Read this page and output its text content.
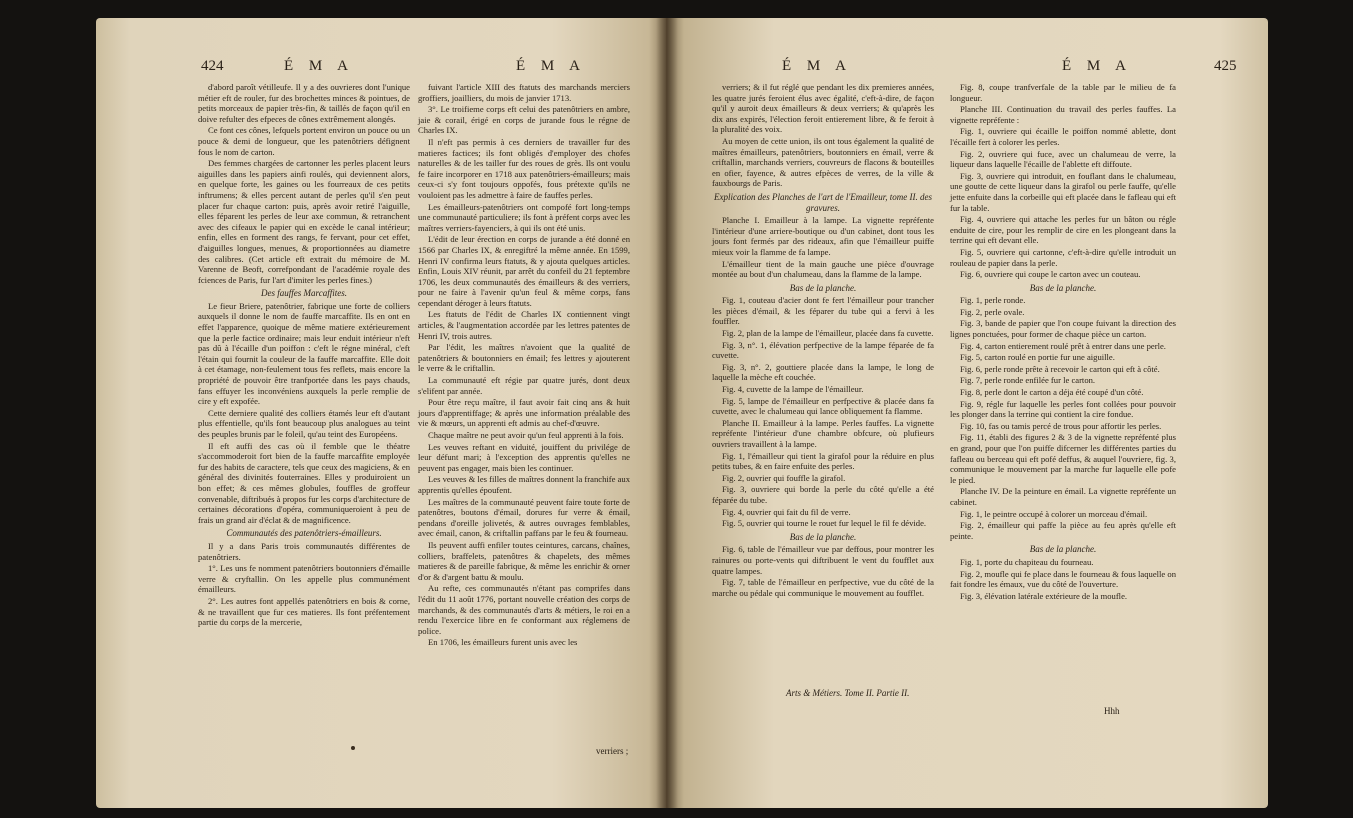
424	É M A	É M A

d'abord paroît vétilleufe. Il y a des ouvrieres dont l'unique métier eft de rouler, fur des brochettes minces & pointues, de petits morceaux de papier très-fin, & taillés de façon qu'il en doive refulter des efpeces de cônes extrêmement alongés.

Ce font ces cônes, lefquels portent environ un pouce ou un pouce & demi de longueur, que les patenôtriers défignent fous le nom de carton.

Des femmes chargées de cartonner les perles placent leurs aiguilles dans les papiers ainfi roulés, qui deviennent alors, en quelque forte, les gaines ou les fourreaux de ces petits inftrumens; & elles percent autant de perles qu'il s'en peut placer fur chaque carton: puis, après avoir retiré l'aiguille, elles féparent les perles de leur axe commun, & retranchent avec des cifeaux le papier qui en excède le canal intérieur; enfin, elles en forment des rangs, fe fervant, pour cet effet, d'aiguilles longues, menues, & proportionnées au diametre des calibres. (Cet article eft extrait du mémoire de M. Varenne de Beoft, correfpondant de l'académie royale des fciences de Paris, fur l'art d'imiter les perles fines.)

Des fauffes Marcaffites.

Le fieur Briere, patenôtrier, fabrique une forte de colliers auxquels il donne le nom de fauffe marcaffite. Ils en ont en effet l'apparence, quoique de même matiere extérieurement que la perle factice ordinaire; mais leur enduit intérieur n'eft pas dû à l'écaille d'un poiffon : c'eft le régne minéral, c'eft l'étain qui fournit la couleur de la fauffe marcaffite. Elle doit à cet étamage, non-feulement tous fes reflets, mais encore la propriété de pouvoir être tranfportée dans les pays chauds, fans effuyer les inconvéniens auxquels la perle remplie de cire y eft expofée.

Cette derniere qualité des colliers étamés leur eft d'autant plus effentielle, qu'ils font beaucoup plus analogues au teint des peuples brunis par le foleil, qu'au teint des Européens.

Il eft auffi des cas où il femble que le théatre s'accommoderoit fort bien de la fauffe marcaffite employée fur des habits de caractere, tels que ceux des magiciens, & en général des divinités fouterraines. Elles y produiroient un bon effet; & ces mêmes globules, fouffles de groffeur convenable, diftribués à propos fur les corps d'architecture de certaines décorations d'opéra, communiqueroient à peu de frais un grand air d'éclat & de magnificence.

Communautés des patenôtriers-émailleurs.

Il y a dans Paris trois communautés différentes de patenôtriers.

1°. Les uns fe nomment patenôtriers boutonniers d'émaille verre & cryftallin. On les appelle plus communément émailleurs.

2°. Les autres font appellés patenôtriers en bois & corne, & ne travaillent que fur ces matieres. Ils font préfentement partie du corps de la mercerie,

fuivant l'article XIII des ftatuts des marchands merciers groffiers, joailliers, du mois de janvier 1713.

3°. Le troifieme corps eft celui des patenôtriers en ambre, jaie & corail, érigé en corps de jurande fous le régne de Charles IX.

Il n'eft pas permis à ces derniers de travailler fur des matieres factices; ils font obligés d'employer des chofes naturelles & de les tailler fur des roues de grès. Ils ont voulu fe faire incorporer en 1718 aux patenôtriers-émailleurs; mais ceux-ci s'y font toujours oppofés, fous prétexte qu'ils ne vouloient pas les admettre à faire de fauffes perles.

Les émailleurs-patenôtriers ont compofé fort long-temps une communauté particuliere; ils font à préfent corps avec les maîtres verriers-fayenciers, à qui ils ont été unis.

L'édit de leur érection en corps de jurande a été donné en 1566 par Charles IX, & enregiftré la même année. En 1599, Henri IV confirma leurs ftatuts, & y ajouta quelques articles. Enfin, Louis XIV réunit, par arrêt du confeil du 21 feptembre 1706, les deux communautés des émailleurs & des verriers, pour ne faire à l'avenir qu'un feul & même corps, fans cependant déroger à leurs ftatuts.

Les ftatuts de l'édit de Charles IX contiennent vingt articles, & l'augmentation accordée par les lettres patentes de Henri IV, trois autres.

Par l'édit, les maîtres n'avoient que la qualité de patenôtriers & boutonniers en émail; fes lettres y ajouterent le verre & le criftallin.

La communauté eft régie par quatre jurés, dont deux s'elifent par année.

Pour être reçu maître, il faut avoir fait cinq ans & huit jours d'apprentiffage; & après une information préalable des vie & mœurs, un apprenti eft admis au chef-d'œuvre.

Chaque maître ne peut avoir qu'un feul apprenti à la fois.

Les veuves reftant en viduité, jouiffent du privilége de leur défunt mari; à l'exception des apprentis qu'elles ne peuvent pas engager, mais bien les continuer.

Les veuves & les filles de maîtres donnent la franchife aux apprentis qu'elles époufent.

Les maîtres de la communauté peuvent faire toute forte de patenôtres, boutons d'émail, dorures fur verre & émail, pendans d'oreille jolivetés, & autres ouvrages femblables, avec émail, canon, & criftallin paffans par le feu & fourneau.

Ils peuvent auffi enfiler toutes ceintures, carcans, chaînes, colliers, braffelets, patenôtres & chapelets, des mêmes matieres & de pareille fabrique, & même les enrichir & orner d'or & d'argent battu & moulu.

Au refte, ces communautés n'étant pas comprifes dans l'édit du 11 août 1776, portant nouvelle création des corps de marchands, & des communautés d'arts & métiers, le roi en a rendu l'exercice libre en fe conformant aux réglemens de police.

En 1706, les émailleurs furent unis avec les

verriers ;
É M A	É M A	425

verriers; & il fut réglé que pendant les dix premieres années, les quatre jurés feroient élus avec égalité, c'eft-à-dire, de façon qu'il y auroit deux émailleurs & deux verriers; & qu'après les dix ans expirés, l'élection feroit entierement libre, & fe feroit à la pluralité des voix.

Au moyen de cette union, ils ont tous également la qualité de maîtres émailleurs, patenôtriers, boutonniers en émail, verre & criftallin, marchands verriers, couvreurs de flacons & bouteilles en ofier, fayence, & autres efpèces de verres, de la ville & fauxbourgs de Paris.

Explication des Planches de l'art de l'Emailleur, tome II. des gravures.

Planche I. Emailleur à la lampe. La vignette repréfente l'intérieur d'une arriere-boutique ou d'un cabinet, dont tous les jours font fermés par des rideaux, afin que l'émailleur puiffe mieux voir la flamme de fa lampe.

L'émailleur tient de la main gauche une pièce d'ouvrage montée au bout d'un chalumeau, dans la flamme de la lampe.

Bas de la planche.

Fig. 1, couteau d'acier dont fe fert l'émailleur pour trancher les pièces d'émail, & les féparer du tube qui a fervi à les fouffler.

Fig. 2, plan de la lampe de l'émailleur, placée dans fa cuvette.

Fig. 3, n°. 1, élévation perfpective de la lampe féparée de fa cuvette.

Fig. 3, n°. 2, gouttiere placée dans la lampe, le long de laquelle la mèche eft couchée.

Fig. 4, cuvette de la lampe de l'émailleur.

Fig. 5, lampe de l'émailleur en perfpective & placée dans fa cuvette, avec le chalumeau qui lance obliquement fa flamme.

Planche II. Emailleur à la lampe. Perles fauffes. La vignette repréfente l'intérieur d'une chambre obfcure, où plufieurs ouvriers travaillent à la lampe.

Fig. 1, l'émailleur qui tient la girafol pour la réduire en plus petits tubes, & en faire enfuite des perles.

Fig. 2, ouvrier qui fouffle la girafol.

Fig. 3, ouvriere qui borde la perle du côté qu'elle a été féparée du tube.

Fig. 4, ouvrier qui fait du fil de verre.

Fig. 5, ouvrier qui tourne le rouet fur lequel le fil fe dévide.

Bas de la planche.

Fig. 6, table de l'émailleur vue par deffous, pour montrer les rainures ou porte-vents qui diftribuent le vent du foufflet aux quatre lampes.

Fig. 7, table de l'émailleur en perfpective, vue du côté de la marche ou pédale qui communique le mouvement au foufflet.

Arts & Métiers. Tome II. Partie II.

Fig. 8, coupe tranfverfale de la table par le milieu de fa longueur.

Planche III. Continuation du travail des perles fauffes. La vignette repréfente :

Fig. 1, ouvriere qui écaille le poiffon nommé ablette, dont l'écaille fert à colorer les perles.

Fig. 2, ouvriere qui fuce, avec un chalumeau de verre, la liqueur dans laquelle l'écaille de l'ablette eft diffoute.

Fig. 3, ouvriere qui introduit, en fouflant dans le chalumeau, une goutte de cette liqueur dans la girafol ou perle fauffe, qu'elle jette enfuite dans la corbeille qui eft placée dans le fafleau qui eft fur la table.

Fig. 4, ouvriere qui attache les perles fur un bâton ou régle enduite de cire, pour les remplir de cire en les plongeant dans la terrine qui eft devant elle.

Fig. 5, ouvriere qui cartonne, c'eft-à-dire qu'elle introduit un rouleau de papier dans la perle.

Fig. 6, ouvriere qui coupe le carton avec un couteau.

Bas de la planche.

Fig. 1, perle ronde.

Fig. 2, perle ovale.

Fig. 3, bande de papier que l'on coupe fuivant la direction des lignes ponctuées, pour former de chaque pièce un carton.

Fig. 4, carton entierement roulé prêt à entrer dans une perle.

Fig. 5, carton roulé en portie fur une aiguille.

Fig. 6, perle ronde prête à recevoir le carton qui eft à côté.

Fig. 7, perle ronde enfilée fur le carton.

Fig. 8, perle dont le carton a déja été coupé d'un côté.

Fig. 9, régle fur laquelle les perles font collées pour pouvoir les plonger dans la terrine qui contient la cire fondue.

Fig. 10, fas ou tamis percé de trous pour affortir les perles.

Fig. 11, établi des figures 2 & 3 de la vignette repréfenté plus en grand, pour que l'on puiffe difcerner les différentes parties du fafleau ou berceau qui eft pofé deffus, & auquel l'ouvriere, fig. 3, communique le mouvement par la marche fur laquelle elle pofe le pied.

Planche IV. De la peinture en émail. La vignette repréfente un cabinet.

Fig. 1, le peintre occupé à colorer un morceau d'émail.

Fig. 2, émailleur qui paffe la pièce au feu après qu'elle eft peinte.

Bas de la planche.

Fig. 1, porte du chapiteau du fourneau.

Fig. 2, moufle qui fe place dans le fourneau & fous laquelle on fait fondre les émaux, vue du côté de l'ouverture.

Fig. 3, élévation latérale extérieure de la moufle.

Hhh
